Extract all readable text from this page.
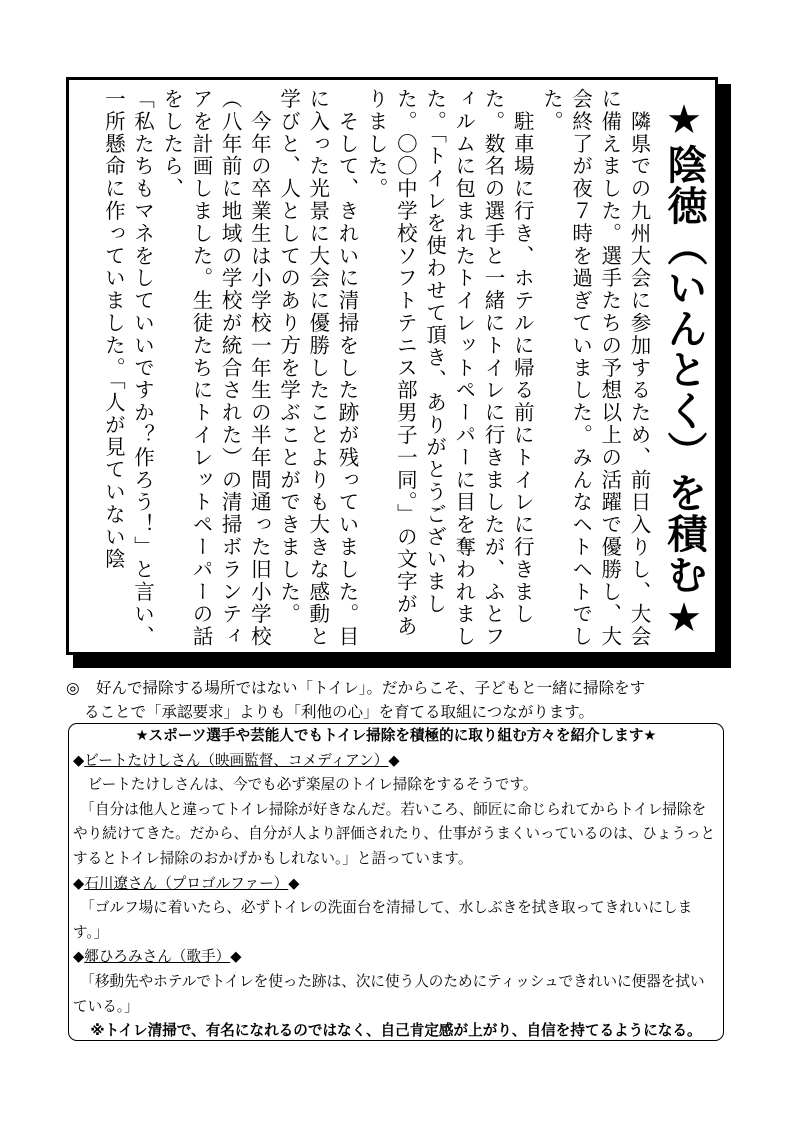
★陰徳（いんとく）を積む★

　隣県での九州大会に参加するため、前日入りし、大会に備えました。選手たちの予想以上の活躍で優勝し、大会終了が夜７時を過ぎていました。みんなヘトヘトでした。

　駐車場に行き、ホテルに帰る前にトイレに行きました。数名の選手と一緒にトイレに行きましたが、ふとフィルムに包まれたトイレットペーパーに目を奪われました。「トイレを使わせて頂き、ありがとうございました。〇〇中学校ソフトテニス部男子一同。」の文字がありました。

　そして、きれいに清掃をした跡が残っていました。目に入った光景に大会に優勝したことよりも大きな感動と学びと、人としてのあり方を学ぶことができました。

　今年の卒業生は小学校一年生の半年間通った旧小学校（八年前に地域の学校が統合された）の清掃ボランティアを計画しました。生徒たちにトイレットペーパーの話をしたら、

「私たちもマネをしていいですか？作ろう！」と言い、一所懸命に作っていました。「人が見ていない陰

◎ 好んで掃除する場所ではない「トイレ」。だからこそ、子どもと一緒に掃除をす
ることで「承認要求」よりも「利他の心」を育てる取組につながります。
★スポーツ選手や芸能人でもトイレ掃除を積極的に取り組む方々を紹介します★
◆ビートたけしさん（映画監督、コメディアン）◆

　ビートたけしさんは、今でも必ず楽屋のトイレ掃除をするそうです。

　「自分は他人と違ってトイレ掃除が好きなんだ。若いころ、師匠に命じられてからトイレ掃除をやり続けてきた。だから、自分が人より評価されたり、仕事がうまくいっているのは、ひょうっとするとトイレ掃除のおかげかもしれない。」と語っています。

◆石川遼さん（プロゴルファー）◆

　「ゴルフ場に着いたら、必ずトイレの洗面台を清掃して、水しぶきを拭き取ってきれいにします。」

◆郷ひろみさん（歌手）◆

　「移動先やホテルでトイレを使った跡は、次に使う人のためにティッシュできれいに便器を拭いている。」

※トイレ清掃で、有名になれるのではなく、自己肯定感が上がり、自信を持てるようになる。
